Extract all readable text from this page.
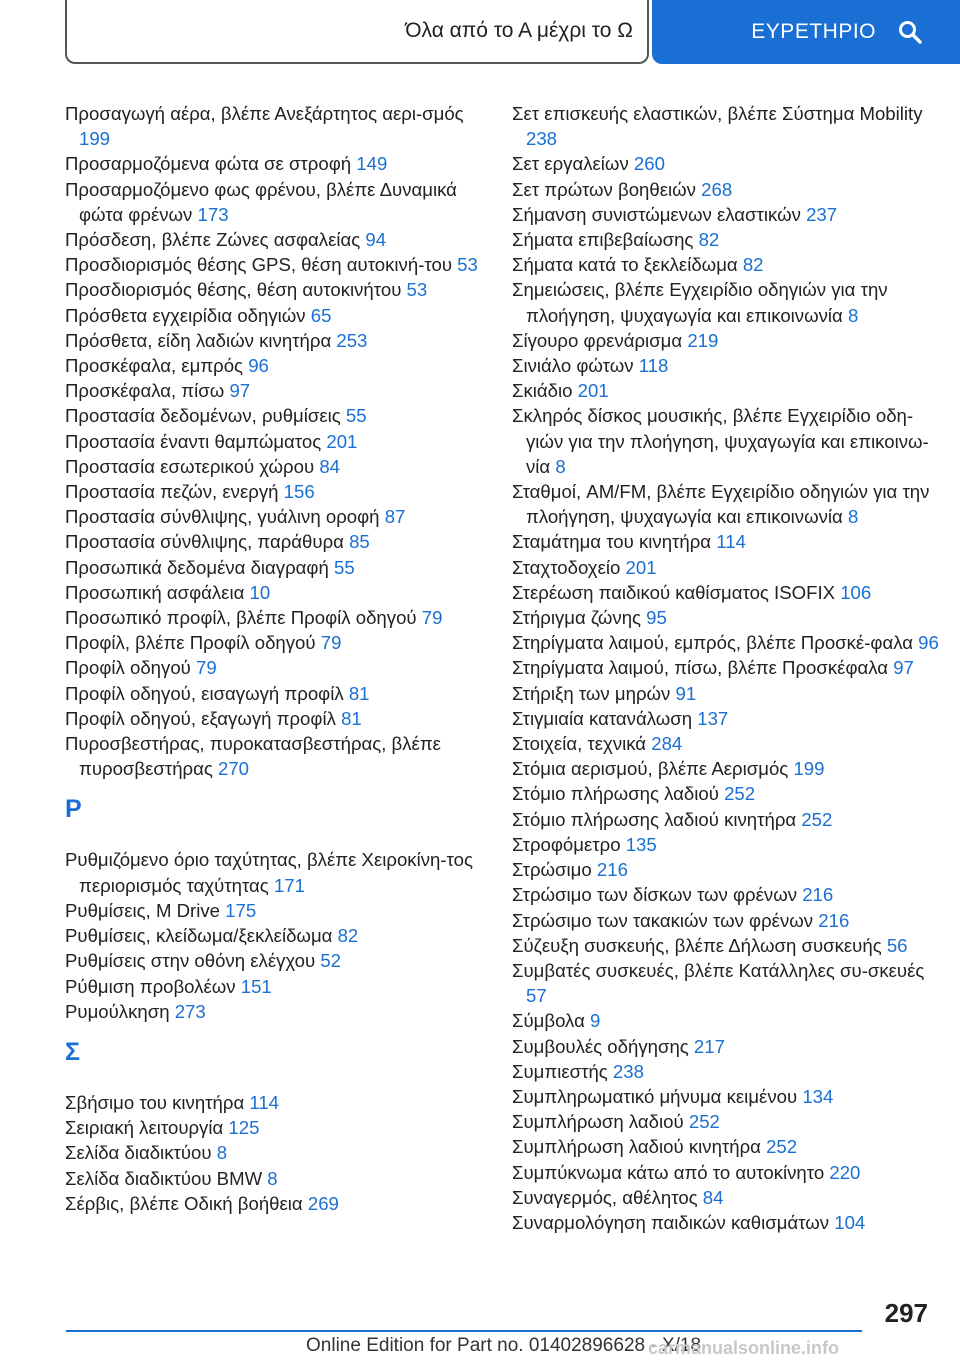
Όλα από το Α μέχρι το Ω	ΕΥΡΕΤΗΡΙΟ
Προσαγωγή αέρα, βλέπε Ανεξάρτητος αερι‐σμός 199
Προσαρμοζόμενα φώτα σε στροφή 149
Προσαρμοζόμενο φως φρένου, βλέπε Δυναμικά φώτα φρένων 173
Πρόσδεση, βλέπε Ζώνες ασφαλείας 94
Προσδιορισμός θέσης GPS, θέση αυτοκινή‐του 53
Προσδιορισμός θέσης, θέση αυτοκινήτου 53
Πρόσθετα εγχειρίδια οδηγιών 65
Πρόσθετα, είδη λαδιών κινητήρα 253
Προσκέφαλα, εμπρός 96
Προσκέφαλα, πίσω 97
Προστασία δεδομένων, ρυθμίσεις 55
Προστασία έναντι θαμπώματος 201
Προστασία εσωτερικού χώρου 84
Προστασία πεζών, ενεργή 156
Προστασία σύνθλιψης, γυάλινη οροφή 87
Προστασία σύνθλιψης, παράθυρα 85
Προσωπικά δεδομένα διαγραφή 55
Προσωπική ασφάλεια 10
Προσωπικό προφίλ, βλέπε Προφίλ οδηγού 79
Προφίλ, βλέπε Προφίλ οδηγού 79
Προφίλ οδηγού 79
Προφίλ οδηγού, εισαγωγή προφίλ 81
Προφίλ οδηγού, εξαγωγή προφίλ 81
Πυροσβεστήρας, πυροκατασβεστήρας, βλέπε πυροσβεστήρας 270
Ρ
Ρυθμιζόμενο όριο ταχύτητας, βλέπε Χειροκίνη‐τος περιορισμός ταχύτητας 171
Ρυθμίσεις, M Drive 175
Ρυθμίσεις, κλείδωμα/ξεκλείδωμα 82
Ρυθμίσεις στην οθόνη ελέγχου 52
Ρύθμιση προβολέων 151
Ρυμούλκηση 273
Σ
Σβήσιμο του κινητήρα 114
Σειριακή λειτουργία 125
Σελίδα διαδικτύου 8
Σελίδα διαδικτύου BMW 8
Σέρβις, βλέπε Οδική βοήθεια 269
Σετ επισκευής ελαστικών, βλέπε Σύστημα Mobility 238
Σετ εργαλείων 260
Σετ πρώτων βοηθειών 268
Σήμανση συνιστώμενων ελαστικών 237
Σήματα επιβεβαίωσης 82
Σήματα κατά το ξεκλείδωμα 82
Σημειώσεις, βλέπε Εγχειρίδιο οδηγιών για την πλοήγηση, ψυχαγωγία και επικοινωνία 8
Σίγουρο φρενάρισμα 219
Σινιάλο φώτων 118
Σκιάδιο 201
Σκληρός δίσκος μουσικής, βλέπε Εγχειρίδιο οδη‐γιών για την πλοήγηση, ψυχαγωγία και επικοινω‐νία 8
Σταθμοί, AM/FM, βλέπε Εγχειρίδιο οδηγιών για την πλοήγηση, ψυχαγωγία και επικοινωνία 8
Σταμάτημα του κινητήρα 114
Σταχτοδοχείο 201
Στερέωση παιδικού καθίσματος ISOFIX 106
Στήριγμα ζώνης 95
Στηρίγματα λαιμού, εμπρός, βλέπε Προσκέ‐φαλα 96
Στηρίγματα λαιμού, πίσω, βλέπε Προσκέφαλα 97
Στήριξη των μηρών 91
Στιγμιαία κατανάλωση 137
Στοιχεία, τεχνικά 284
Στόμια αερισμού, βλέπε Αερισμός 199
Στόμιο πλήρωσης λαδιού 252
Στόμιο πλήρωσης λαδιού κινητήρα 252
Στροφόμετρο 135
Στρώσιμο 216
Στρώσιμο των δίσκων των φρένων 216
Στρώσιμο των τακακιών των φρένων 216
Σύζευξη συσκευής, βλέπε Δήλωση συσκευής 56
Συμβατές συσκευές, βλέπε Κατάλληλες συ‐σκευές 57
Σύμβολα 9
Συμβουλές οδήγησης 217
Συμπιεστής 238
Συμπληρωματικό μήνυμα κειμένου 134
Συμπλήρωση λαδιού 252
Συμπλήρωση λαδιού κινητήρα 252
Συμπύκνωμα κάτω από το αυτοκίνητο 220
Συναγερμός, αθέλητος 84
Συναρμολόγηση παιδικών καθισμάτων 104
297
Online Edition for Part no. 01402896628 - X/18
carmanualsonline.info
